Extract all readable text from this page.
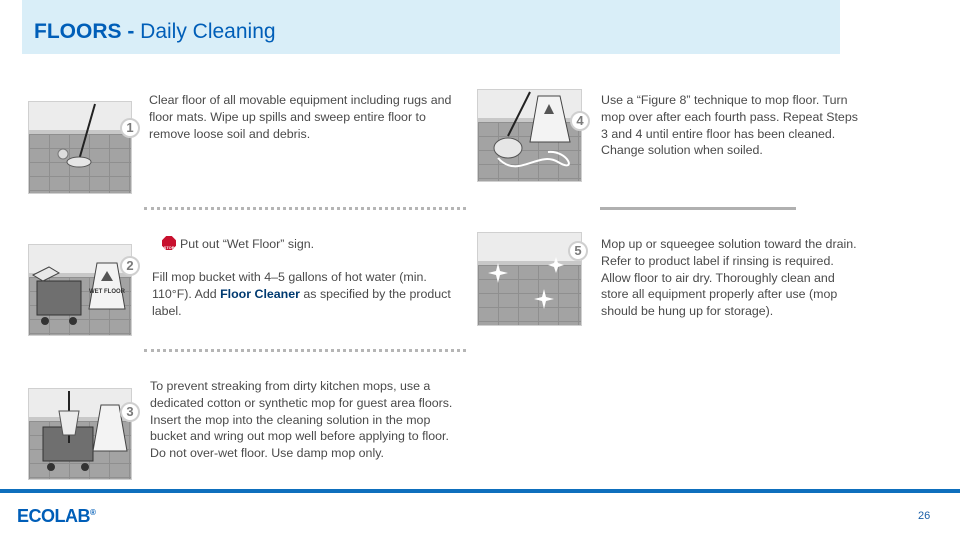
FLOORS - Daily Cleaning
1
Clear floor of all movable equipment including rugs and floor mats. Wipe up spills and sweep entire floor to remove loose soil and debris.
WET FLOOR
2
STOPPut out “Wet Floor” sign.
Fill mop bucket with 4–5 gallons of hot water (min. 110°F). Add Floor Cleaner as specified by the product label.
3
To prevent streaking from dirty kitchen mops, use a dedicated cotton or synthetic mop for guest area floors. Insert the mop into the cleaning solution in the mop bucket and wring out mop well before applying to floor. Do not over-wet floor. Use damp mop only.
4
Use a “Figure 8” technique to mop floor. Turn mop over after each fourth pass. Repeat Steps 3 and 4 until entire floor has been cleaned. Change solution when soiled.
5	Mop up or squeegee solution toward the drain. Refer to product label if rinsing is required. Allow floor to air dry. Thoroughly clean and store all equipment properly after use (mop should be hung up for storage).
ECOLAB®	26
